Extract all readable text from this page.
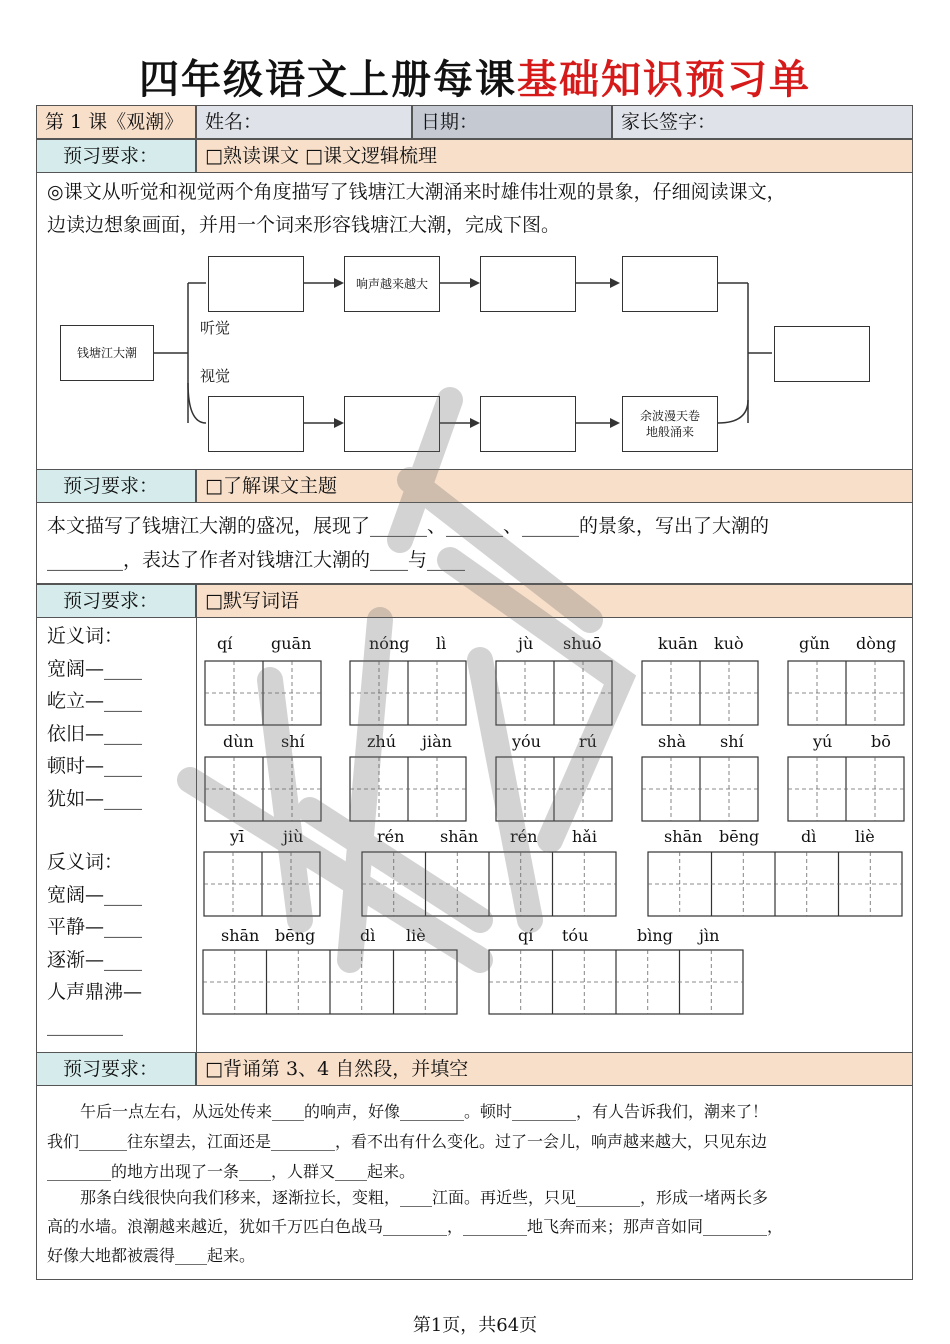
四年级语文上册每课基础知识预习单
第 1 课《观潮》	姓名：	日期：	家长签字：
预习要求：	□熟读课文 □课文逻辑梳理
◎课文从听觉和视觉两个角度描写了钱塘江大潮涌来时雄伟壮观的景象，仔细阅读课文，
边读边想象画面，并用一个词来形容钱塘江大潮，完成下图。
钱塘江大潮
听觉
视觉
响声越来越大
余波漫天卷地般涌来
预习要求：	□了解课文主题
本文描写了钱塘江大潮的盛况，展现了______、______、______的景象，写出了大潮的
________，表达了作者对钱塘江大潮的____与____
预习要求：	□默写词语
近义词：
宽阔—____
屹立—____
依旧—____
顿时—____
犹如—____
反义词：
宽阔—____
平静—____
逐渐—____
人声鼎沸—
________
qí guān	nóng lì	jù shuō	kuān kuò	gǔn dòng
dùn shí	zhú jiàn	yóu rú	shà shí	yú bō
yī jiù	rén shān rén hǎi	shān bēng	dì liè
shān bēng	dì liè	qí tóu	bìng jìn
预习要求：	□背诵第 3、4 自然段，并填空
午后一点左右，从远处传来____的响声，好像________。顿时________，有人告诉我们，潮来了！
我们______往东望去，江面还是________，看不出有什么变化。过了一会儿，响声越来越大，只见东边
________的地方出现了一条____，人群又____起来。
那条白线很快向我们移来，逐渐拉长，变粗，____江面。再近些，只见________，形成一堵两长多
高的水墙。浪潮越来越近，犹如千万匹白色战马________，________地飞奔而来；那声音如同________，
好像大地都被震得____起来。
第1页，共64页
